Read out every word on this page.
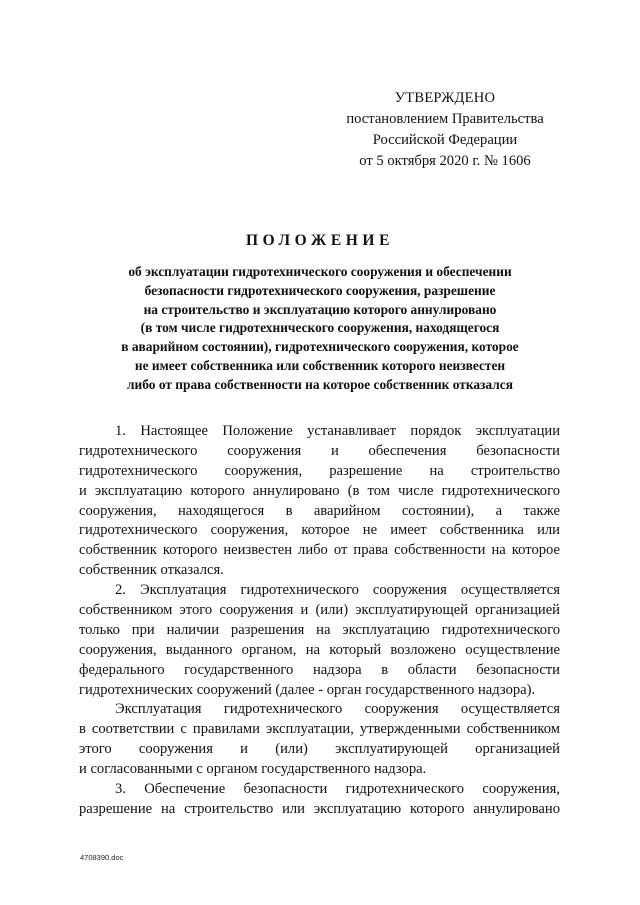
УТВЕРЖДЕНО
постановлением Правительства
Российской Федерации
от 5 октября 2020 г. № 1606
ПОЛОЖЕНИЕ
об эксплуатации гидротехнического сооружения и обеспечении
безопасности гидротехнического сооружения, разрешение
на строительство и эксплуатацию которого аннулировано
(в том числе гидротехнического сооружения, находящегося
в аварийном состоянии), гидротехнического сооружения, которое
не имеет собственника или собственник которого неизвестен
либо от права собственности на которое собственник отказался
1. Настоящее Положение устанавливает порядок эксплуатации
гидротехнического сооружения и обеспечения безопасности
гидротехнического сооружения, разрешение на строительство
и эксплуатацию которого аннулировано (в том числе гидротехнического
сооружения, находящегося в аварийном состоянии), а также
гидротехнического сооружения, которое не имеет собственника или
собственник которого неизвестен либо от права собственности на которое
собственник отказался.
2. Эксплуатация гидротехнического сооружения осуществляется
собственником этого сооружения и (или) эксплуатирующей организацией
только при наличии разрешения на эксплуатацию гидротехнического
сооружения, выданного органом, на который возложено осуществление
федерального государственного надзора в области безопасности
гидротехнических сооружений (далее - орган государственного надзора).
Эксплуатация гидротехнического сооружения осуществляется
в соответствии с правилами эксплуатации, утвержденными собственником
этого сооружения и (или) эксплуатирующей организацией
и согласованными с органом государственного надзора.
3. Обеспечение безопасности гидротехнического сооружения,
разрешение на строительство или эксплуатацию которого аннулировано
4708390.doc
